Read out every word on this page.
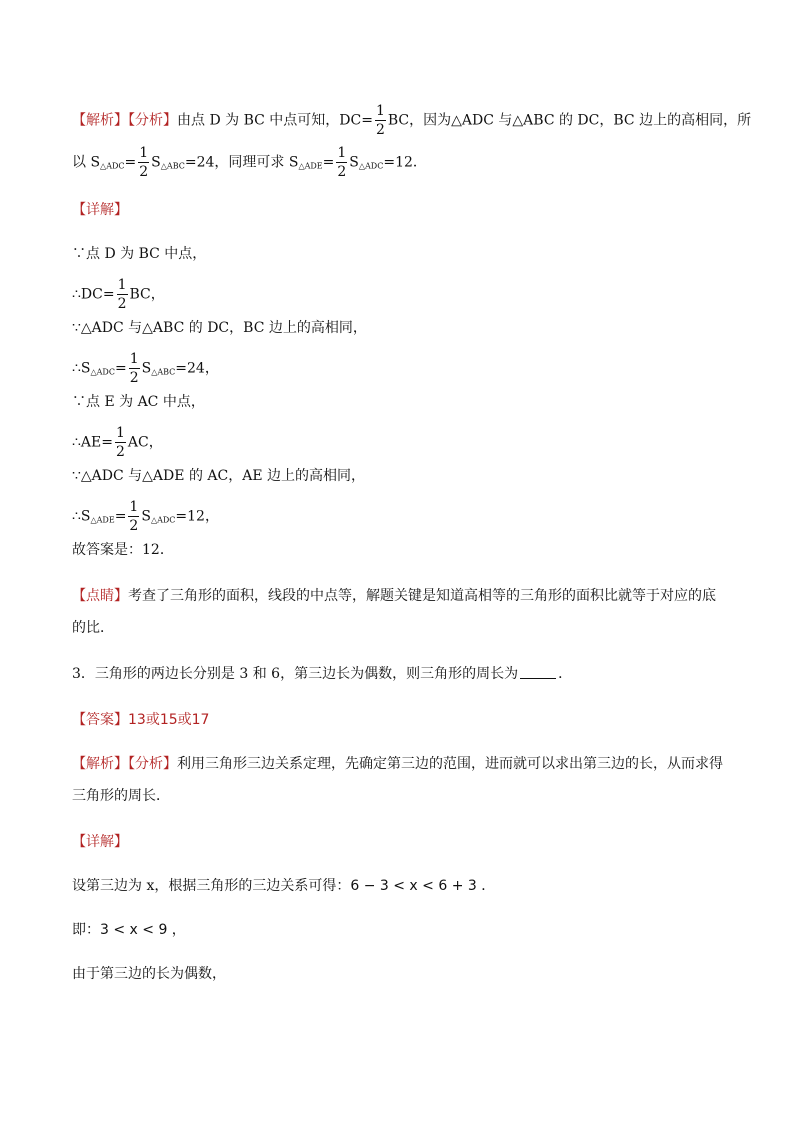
【解析】【分析】由点 D 为 BC 中点可知，$DC= \frac{1}{2}$ BC，因为△ADC 与△ABC 的 DC，BC 边上的高相同，所
以 $S_{\triangle ADC}= \frac{1}{2} S_{\triangle ABC}=24$，同理可求 $S_{\triangle ADE}= \frac{1}{2} S_{\triangle ADC}=12$．
【详解】
∵点 D 为 BC 中点，
∴DC= $\frac{1}{2}$ BC，
∵△ADC 与△ABC 的 DC，BC 边上的高相同，
$\therefore S_{\triangle ADC}= \frac{1}{2} S_{\triangle ABC}=24$，
∵点 E 为 AC 中点，
∴AE= $\frac{1}{2}$ AC，
∵△ADC 与△ADE 的 AC，AE 边上的高相同，
$\therefore S_{\triangle ADE}= \frac{1}{2} S_{\triangle ADC}=12$，
故答案是：12．
【点睛】考查了三角形的面积，线段的中点等，解题关键是知道高相等的三角形的面积比就等于对应的底
的比．
3．三角形的两边长分别是 3 和 6，第三边长为偶数，则三角形的周长为	．
【答案】13或15或17
【解析】【分析】利用三角形三边关系定理，先确定第三边的范围，进而就可以求出第三边的长，从而求得
三角形的周长．
【详解】
设第三边为 x，根据三角形的三边关系可得：6 − 3 < x < 6 + 3 ．
即：3 < x < 9 ，
由于第三边的长为偶数，
